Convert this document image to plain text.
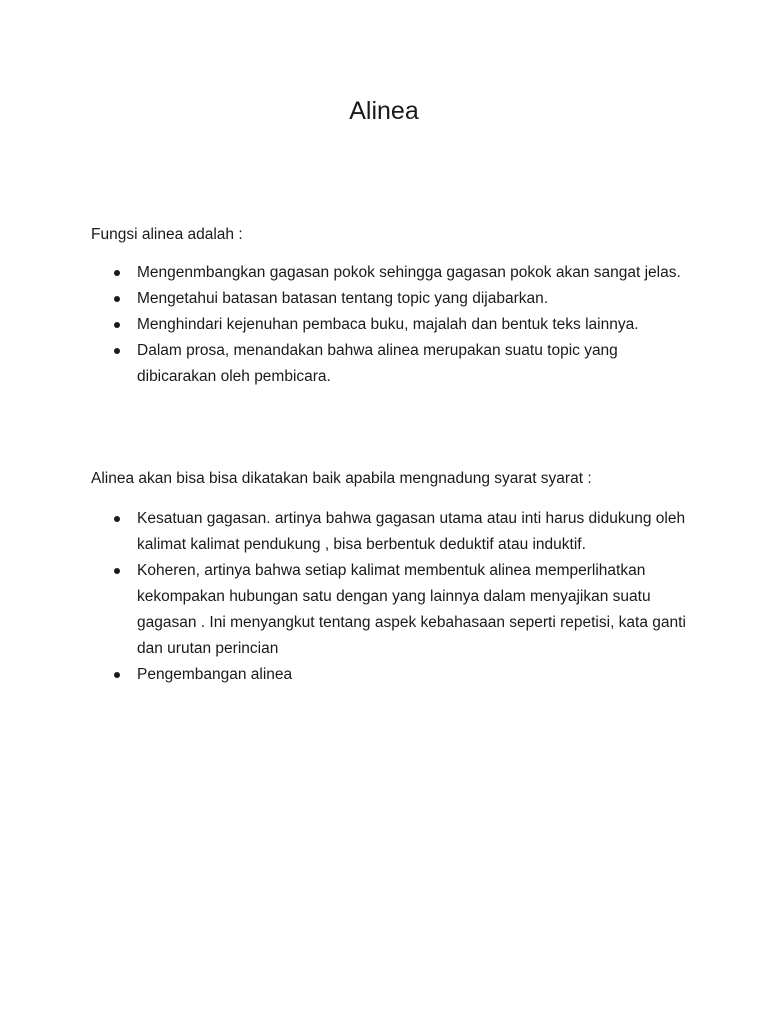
Alinea

Fungsi alinea adalah :

Mengenmbangkan gagasan pokok sehingga gagasan pokok akan sangat jelas.
Mengetahui batasan batasan tentang topic yang dijabarkan.
Menghindari kejenuhan pembaca buku, majalah dan bentuk teks lainnya.
Dalam prosa, menandakan bahwa alinea merupakan suatu topic yang dibicarakan oleh pembicara.

Alinea akan bisa bisa dikatakan baik apabila mengnadung syarat syarat :

Kesatuan gagasan. artinya bahwa gagasan utama atau inti harus didukung oleh kalimat kalimat pendukung , bisa berbentuk deduktif atau induktif.
Koheren, artinya bahwa setiap kalimat membentuk alinea memperlihatkan kekompakan hubungan satu dengan yang lainnya dalam menyajikan suatu gagasan . Ini menyangkut tentang aspek kebahasaan seperti repetisi, kata ganti dan urutan perincian
Pengembangan alinea
